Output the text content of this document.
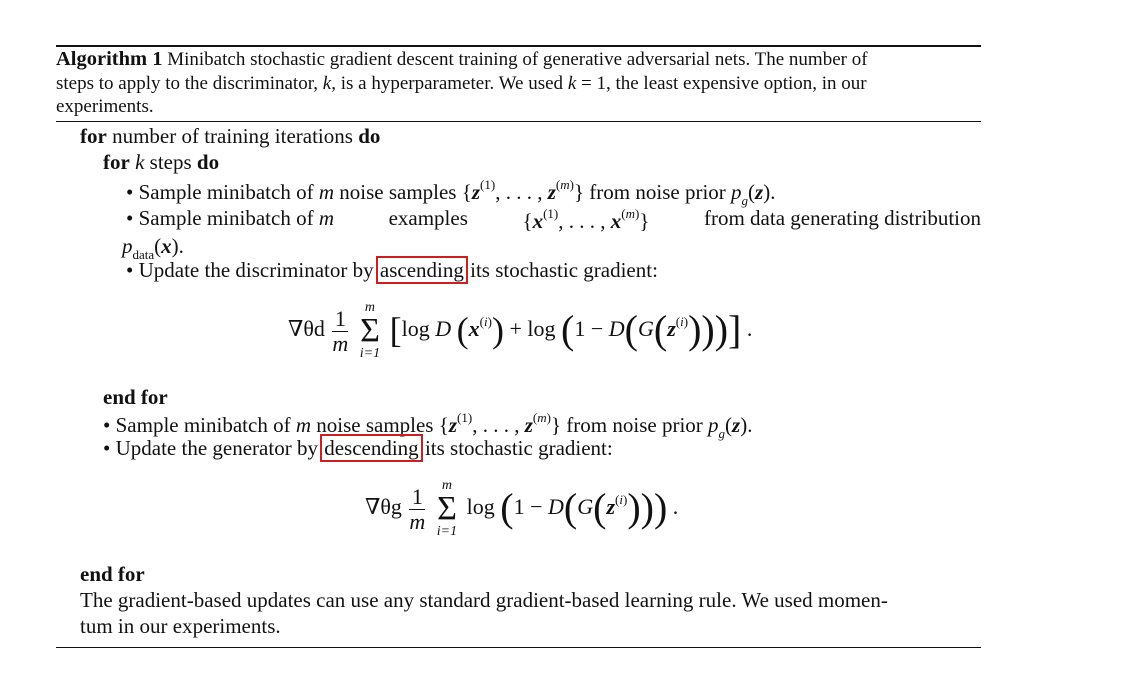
Algorithm 1 Minibatch stochastic gradient descent training of generative adversarial nets. The number of
steps to apply to the discriminator, k, is a hyperparameter. We used k = 1, the least expensive option, in our
experiments.
for number of training iterations do
for k steps do
• Sample minibatch of m noise samples {$z^{(1)}$, . . . , $z^{(m)}$} from noise prior $p_g(z)$.
• Sample minibatch of m	examples	{$x^{(1)}$, . . . , $x^{(m)}$}	from data generating distribution
$p_{data}(x)$.
• Update the discriminator by ascending its stochastic gradient:
$\nabla\theta d \frac{1}{m}$
	m
Σ
i=1
[log D $(x^{(i)}) + \log (1 - D(G(z^{(i)})))$] .
end for
• Sample minibatch of m noise samples {$z^{(1)}$, . . . , $z^{(m)}$} from noise prior $p_g(z)$.
• Update the generator by descending its stochastic gradient:
$\nabla\theta g \frac{1}{m}$
	m
Σ
i=1
$\log (1 - D(G(z^{(i)})))$ .
end for
The gradient-based updates can use any standard gradient-based learning rule. We used momen-
tum in our experiments.
